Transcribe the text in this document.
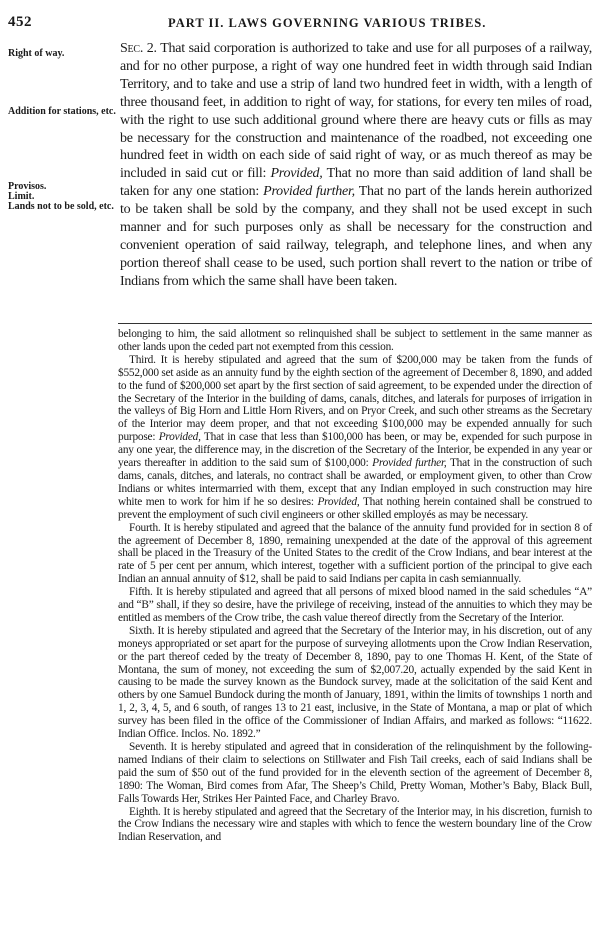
452	PART II. LAWS GOVERNING VARIOUS TRIBES.
Right of way.
Addition for stations, etc.
Provisos.
Limit.
Lands not to be sold, etc.
Sec. 2. That said corporation is authorized to take and use for all purposes of a railway, and for no other purpose, a right of way one hundred feet in width through said Indian Territory, and to take and use a strip of land two hundred feet in width, with a length of three thousand feet, in addition to right of way, for stations, for every ten miles of road, with the right to use such additional ground where there are heavy cuts or fills as may be necessary for the construction and maintenance of the roadbed, not exceeding one hundred feet in width on each side of said right of way, or as much thereof as may be included in said cut or fill: Provided, That no more than said addition of land shall be taken for any one station: Provided further, That no part of the lands herein authorized to be taken shall be sold by the company, and they shall not be used except in such manner and for such purposes only as shall be necessary for the construction and convenient operation of said railway, telegraph, and telephone lines, and when any portion thereof shall cease to be used, such portion shall revert to the nation or tribe of Indians from which the same shall have been taken.

belonging to him, the said allotment so relinquished shall be subject to settlement in the same manner as other lands upon the ceded part not exempted from this cession.

Third. It is hereby stipulated and agreed that the sum of $200,000 may be taken from the funds of $552,000 set aside as an annuity fund by the eighth section of the agreement of December 8, 1890, and added to the fund of $200,000 set apart by the first section of said agreement, to be expended under the direction of the Secretary of the Interior in the building of dams, canals, ditches, and laterals for purposes of irrigation in the valleys of Big Horn and Little Horn Rivers, and on Pryor Creek, and such other streams as the Secretary of the Interior may deem proper, and that not exceeding $100,000 may be expended annually for such purpose: Provided, That in case that less than $100,000 has been, or may be, expended for such purpose in any one year, the difference may, in the discretion of the Secretary of the Interior, be expended in any year or years thereafter in addition to the said sum of $100,000: Provided further, That in the construction of such dams, canals, ditches, and laterals, no contract shall be awarded, or employment given, to other than Crow Indians or whites intermarried with them, except that any Indian employed in such construction may hire white men to work for him if he so desires: Provided, That nothing herein contained shall be construed to prevent the employment of such civil engineers or other skilled employés as may be necessary.

Fourth. It is hereby stipulated and agreed that the balance of the annuity fund provided for in section 8 of the agreement of December 8, 1890, remaining unexpended at the date of the approval of this agreement shall be placed in the Treasury of the United States to the credit of the Crow Indians, and bear interest at the rate of 5 per cent per annum, which interest, together with a sufficient portion of the principal to give each Indian an annual annuity of $12, shall be paid to said Indians per capita in cash semiannually.

Fifth. It is hereby stipulated and agreed that all persons of mixed blood named in the said schedules “A” and “B” shall, if they so desire, have the privilege of receiving, instead of the annuities to which they may be entitled as members of the Crow tribe, the cash value thereof directly from the Secretary of the Interior.

Sixth. It is hereby stipulated and agreed that the Secretary of the Interior may, in his discretion, out of any moneys appropriated or set apart for the purpose of surveying allotments upon the Crow Indian Reservation, or the part thereof ceded by the treaty of December 8, 1890, pay to one Thomas H. Kent, of the State of Montana, the sum of money, not exceeding the sum of $2,007.20, actually expended by the said Kent in causing to be made the survey known as the Bundock survey, made at the solicitation of the said Kent and others by one Samuel Bundock during the month of January, 1891, within the limits of townships 1 north and 1, 2, 3, 4, 5, and 6 south, of ranges 13 to 21 east, inclusive, in the State of Montana, a map or plat of which survey has been filed in the office of the Commissioner of Indian Affairs, and marked as follows: “11622. Indian Office. Inclos. No. 1892.”

Seventh. It is hereby stipulated and agreed that in consideration of the relinquishment by the following-named Indians of their claim to selections on Stillwater and Fish Tail creeks, each of said Indians shall be paid the sum of $50 out of the fund provided for in the eleventh section of the agreement of December 8, 1890: The Woman, Bird comes from Afar, The Sheep’s Child, Pretty Woman, Mother’s Baby, Black Bull, Falls Towards Her, Strikes Her Painted Face, and Charley Bravo.

Eighth. It is hereby stipulated and agreed that the Secretary of the Interior may, in his discretion, furnish to the Crow Indians the necessary wire and staples with which to fence the western boundary line of the Crow Indian Reservation, and
